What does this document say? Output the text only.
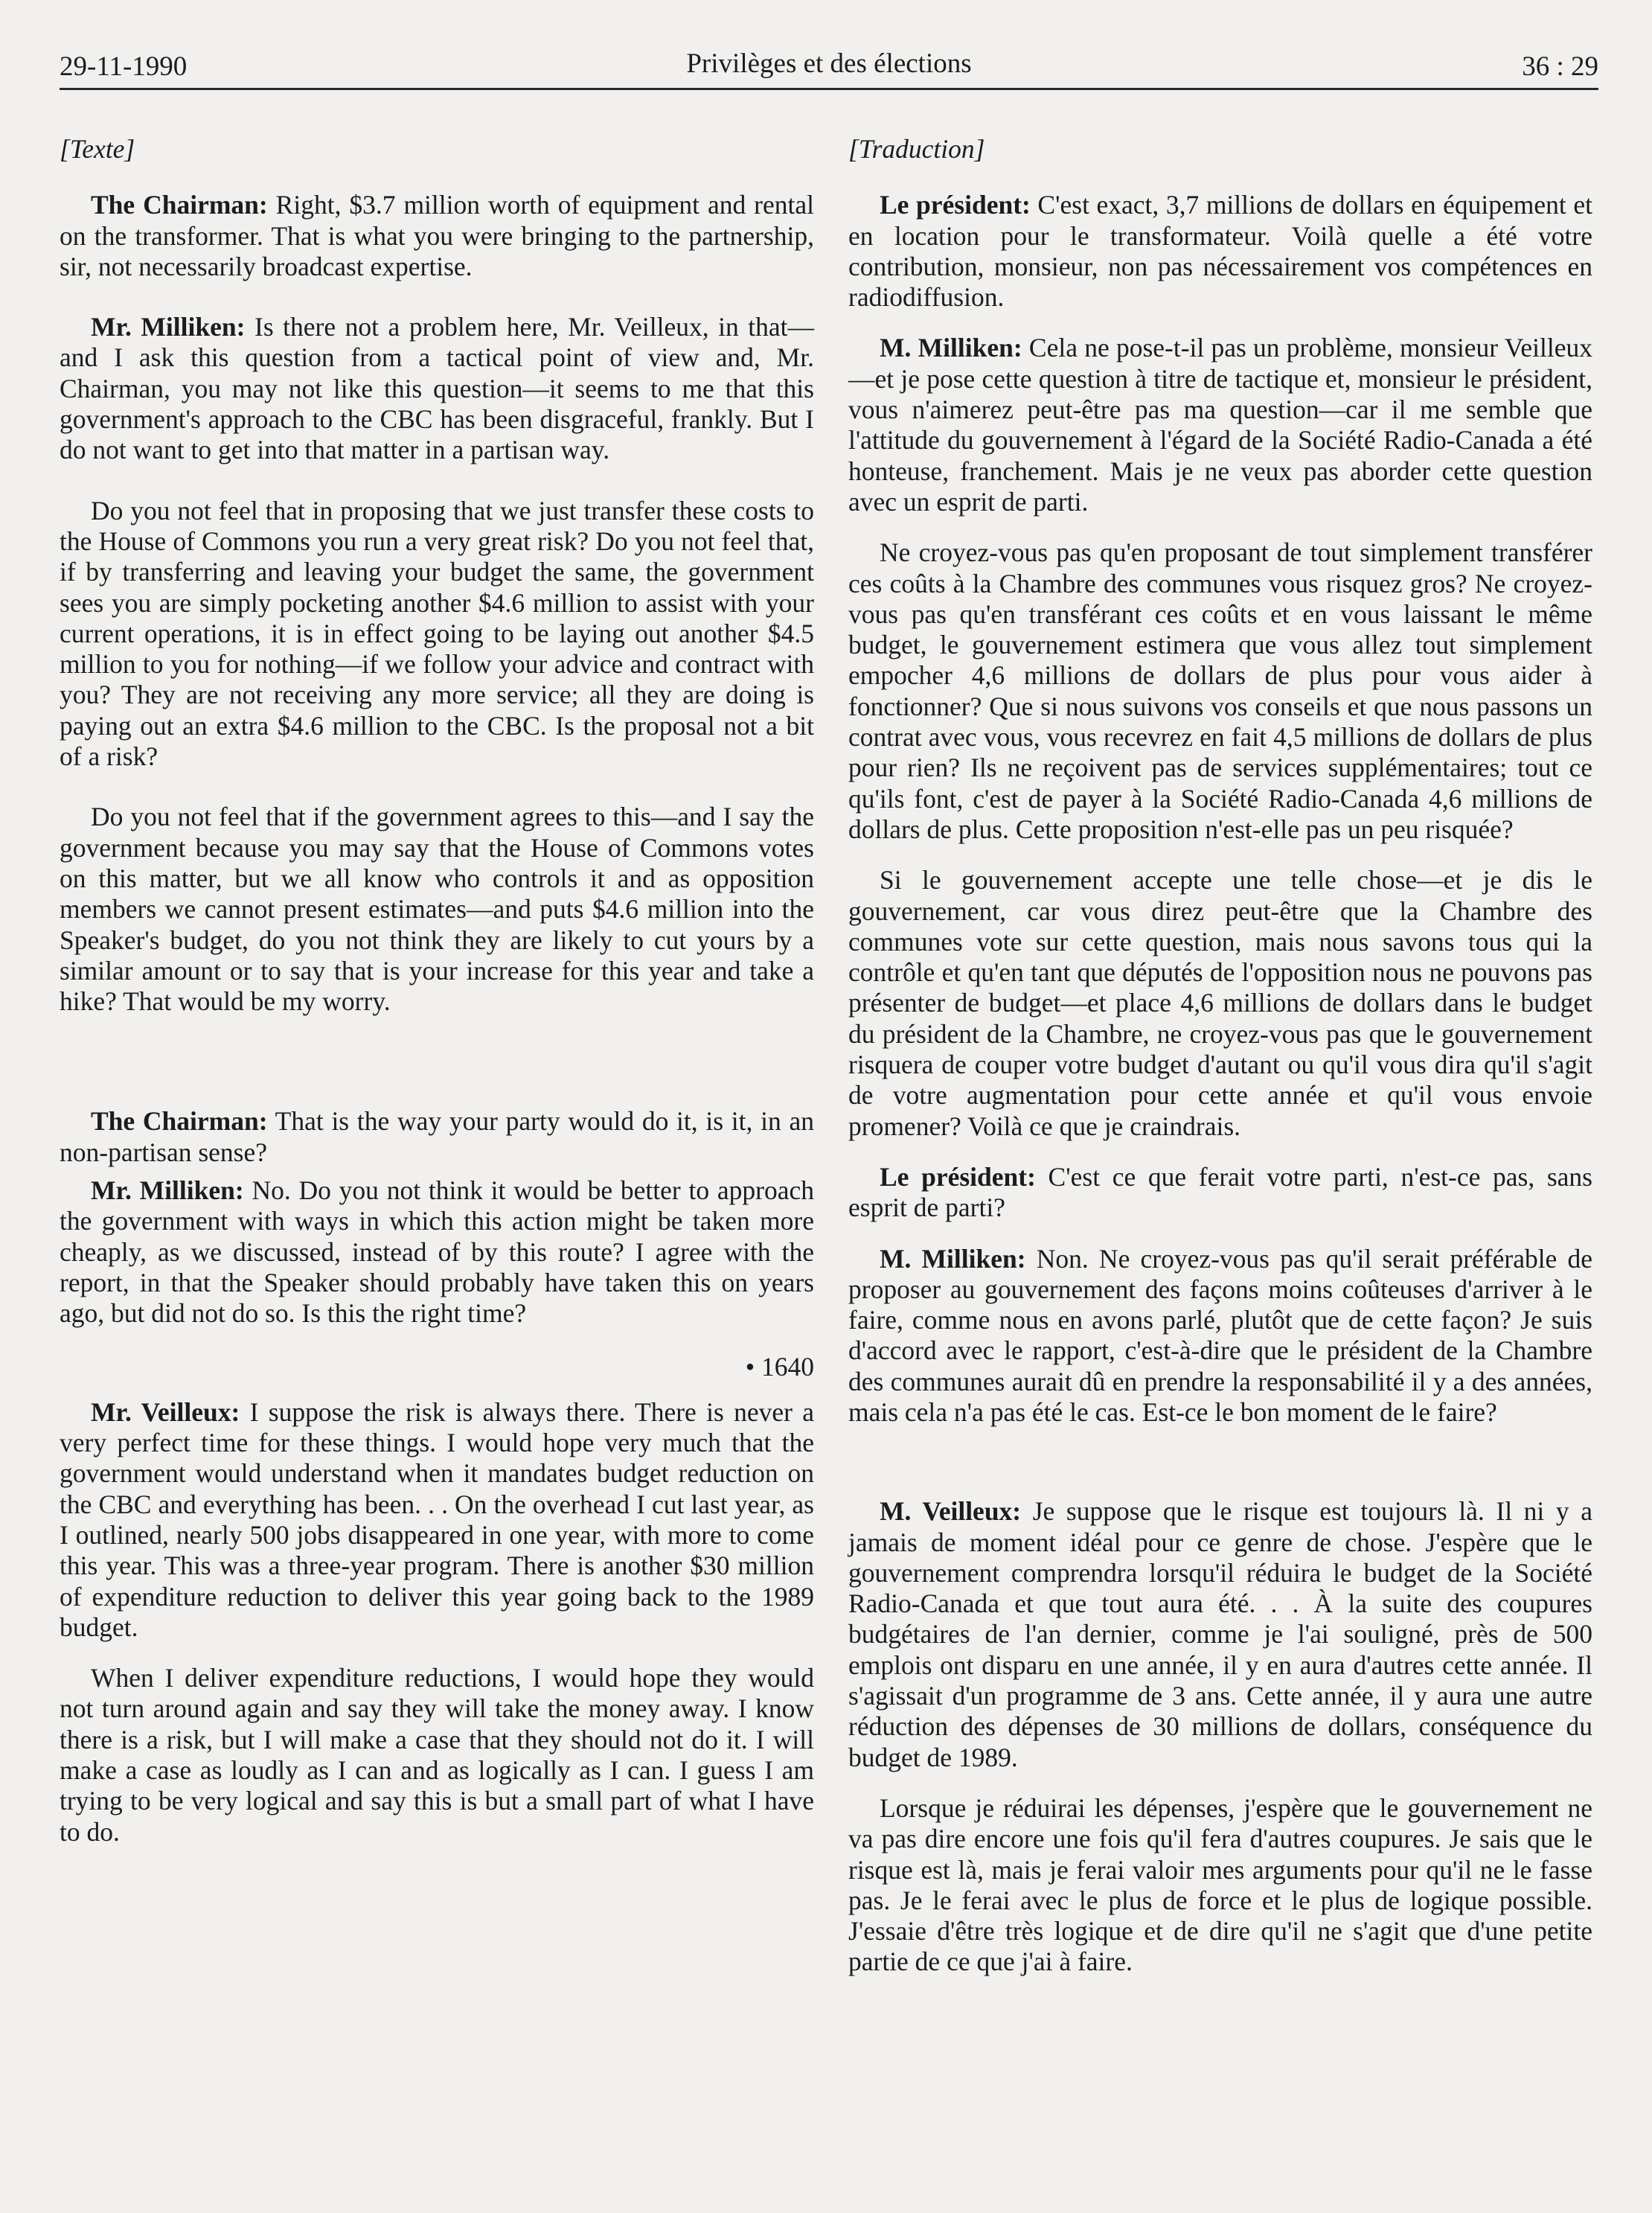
29-11-1990	Privilèges et des élections	36 : 29

[Texte]

The Chairman: Right, $3.7 million worth of equipment and rental on the transformer. That is what you were bringing to the partnership, sir, not necessarily broadcast expertise.

Mr. Milliken: Is there not a problem here, Mr. Veilleux, in that—and I ask this question from a tactical point of view and, Mr. Chairman, you may not like this question—it seems to me that this government's approach to the CBC has been disgraceful, frankly. But I do not want to get into that matter in a partisan way.

Do you not feel that in proposing that we just transfer these costs to the House of Commons you run a very great risk? Do you not feel that, if by transferring and leaving your budget the same, the government sees you are simply pocketing another $4.6 million to assist with your current operations, it is in effect going to be laying out another $4.5 million to you for nothing—if we follow your advice and contract with you? They are not receiving any more service; all they are doing is paying out an extra $4.6 million to the CBC. Is the proposal not a bit of a risk?

Do you not feel that if the government agrees to this—and I say the government because you may say that the House of Commons votes on this matter, but we all know who controls it and as opposition members we cannot present estimates—and puts $4.6 million into the Speaker's budget, do you not think they are likely to cut yours by a similar amount or to say that is your increase for this year and take a hike? That would be my worry.

The Chairman: That is the way your party would do it, is it, in an non-partisan sense?

Mr. Milliken: No. Do you not think it would be better to approach the government with ways in which this action might be taken more cheaply, as we discussed, instead of by this route? I agree with the report, in that the Speaker should probably have taken this on years ago, but did not do so. Is this the right time?

• 1640

Mr. Veilleux: I suppose the risk is always there. There is never a very perfect time for these things. I would hope very much that the government would understand when it mandates budget reduction on the CBC and everything has been. . . On the overhead I cut last year, as I outlined, nearly 500 jobs disappeared in one year, with more to come this year. This was a three-year program. There is another $30 million of expenditure reduction to deliver this year going back to the 1989 budget.

When I deliver expenditure reductions, I would hope they would not turn around again and say they will take the money away. I know there is a risk, but I will make a case that they should not do it. I will make a case as loudly as I can and as logically as I can. I guess I am trying to be very logical and say this is but a small part of what I have to do.

[Traduction]

Le président: C'est exact, 3,7 millions de dollars en équipement et en location pour le transformateur. Voilà quelle a été votre contribution, monsieur, non pas nécessairement vos compétences en radiodiffusion.

M. Milliken: Cela ne pose-t-il pas un problème, monsieur Veilleux—et je pose cette question à titre de tactique et, monsieur le président, vous n'aimerez peut-être pas ma question—car il me semble que l'attitude du gouvernement à l'égard de la Société Radio-Canada a été honteuse, franchement. Mais je ne veux pas aborder cette question avec un esprit de parti.

Ne croyez-vous pas qu'en proposant de tout simplement transférer ces coûts à la Chambre des communes vous risquez gros? Ne croyez-vous pas qu'en transférant ces coûts et en vous laissant le même budget, le gouvernement estimera que vous allez tout simplement empocher 4,6 millions de dollars de plus pour vous aider à fonctionner? Que si nous suivons vos conseils et que nous passons un contrat avec vous, vous recevrez en fait 4,5 millions de dollars de plus pour rien? Ils ne reçoivent pas de services supplémentaires; tout ce qu'ils font, c'est de payer à la Société Radio-Canada 4,6 millions de dollars de plus. Cette proposition n'est-elle pas un peu risquée?

Si le gouvernement accepte une telle chose—et je dis le gouvernement, car vous direz peut-être que la Chambre des communes vote sur cette question, mais nous savons tous qui la contrôle et qu'en tant que députés de l'opposition nous ne pouvons pas présenter de budget—et place 4,6 millions de dollars dans le budget du président de la Chambre, ne croyez-vous pas que le gouvernement risquera de couper votre budget d'autant ou qu'il vous dira qu'il s'agit de votre augmentation pour cette année et qu'il vous envoie promener? Voilà ce que je craindrais.

Le président: C'est ce que ferait votre parti, n'est-ce pas, sans esprit de parti?

M. Milliken: Non. Ne croyez-vous pas qu'il serait préférable de proposer au gouvernement des façons moins coûteuses d'arriver à le faire, comme nous en avons parlé, plutôt que de cette façon? Je suis d'accord avec le rapport, c'est-à-dire que le président de la Chambre des communes aurait dû en prendre la responsabilité il y a des années, mais cela n'a pas été le cas. Est-ce le bon moment de le faire?

M. Veilleux: Je suppose que le risque est toujours là. Il ni y a jamais de moment idéal pour ce genre de chose. J'espère que le gouvernement comprendra lorsqu'il réduira le budget de la Société Radio-Canada et que tout aura été. . . À la suite des coupures budgétaires de l'an dernier, comme je l'ai souligné, près de 500 emplois ont disparu en une année, il y en aura d'autres cette année. Il s'agissait d'un programme de 3 ans. Cette année, il y aura une autre réduction des dépenses de 30 millions de dollars, conséquence du budget de 1989.

Lorsque je réduirai les dépenses, j'espère que le gouvernement ne va pas dire encore une fois qu'il fera d'autres coupures. Je sais que le risque est là, mais je ferai valoir mes arguments pour qu'il ne le fasse pas. Je le ferai avec le plus de force et le plus de logique possible. J'essaie d'être très logique et de dire qu'il ne s'agit que d'une petite partie de ce que j'ai à faire.
